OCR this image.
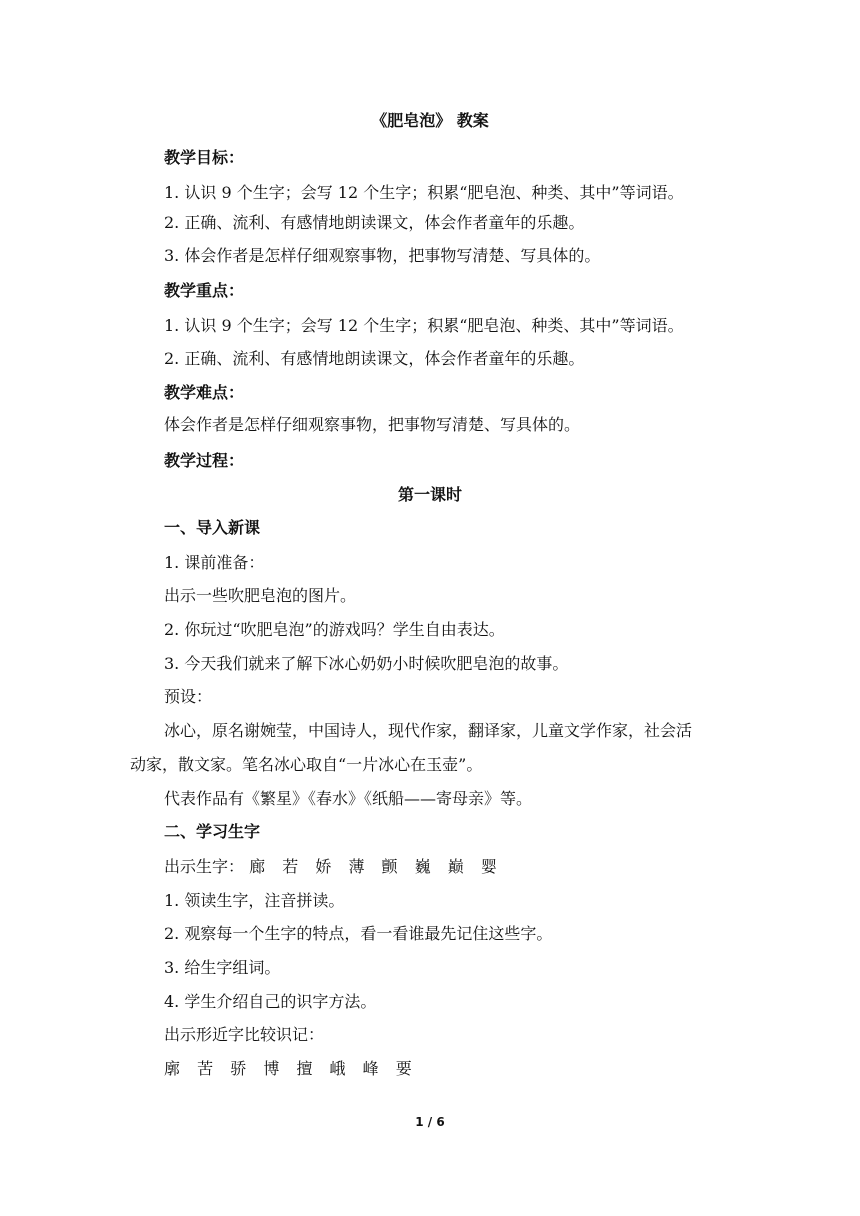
《肥皂泡》 教案
教学目标：
1. 认识 9 个生字；会写 12 个生字；积累“肥皂泡、种类、其中”等词语。
2. 正确、流利、有感情地朗读课文，体会作者童年的乐趣。
3. 体会作者是怎样仔细观察事物，把事物写清楚、写具体的。
教学重点：
1. 认识 9 个生字；会写 12 个生字；积累“肥皂泡、种类、其中”等词语。
2. 正确、流利、有感情地朗读课文，体会作者童年的乐趣。
教学难点：
体会作者是怎样仔细观察事物，把事物写清楚、写具体的。
教学过程：
第一课时
一、导入新课
1. 课前准备：
出示一些吹肥皂泡的图片。
2. 你玩过“吹肥皂泡”的游戏吗？学生自由表达。
3. 今天我们就来了解下冰心奶奶小时候吹肥皂泡的故事。
预设：
冰心，原名谢婉莹，中国诗人，现代作家，翻译家，儿童文学作家，社会活
动家，散文家。笔名冰心取自“一片冰心在玉壶”。
代表作品有《繁星》《春水》《纸船——寄母亲》等。
二、学习生字
出示生字： 廊 若 娇 薄 颤 巍 巅 婴
1. 领读生字，注音拼读。
2. 观察每一个生字的特点，看一看谁最先记住这些字。
3. 给生字组词。
4. 学生介绍自己的识字方法。
出示形近字比较识记：
廓 苦 骄 博 擅 峨 峰 要
1 / 6
